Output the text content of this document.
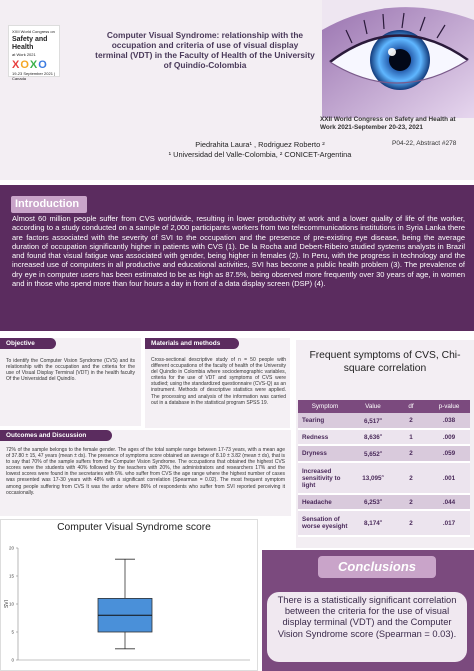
XXII World Congress on
Safety and Health
at Work 2021
XOXO
19-23 September 2021 | Canada
Computer Visual Syndrome: relationship with the occupation and criteria of use of visual display terminal (VDT) in the Faculty of Health of the University of Quindío-Colombia
XXII World Congress on Safety and Health at Work 2021-September 20-23, 2021
Piedrahita Laura¹ , Rodriguez Roberto ²
¹ Universidad del Valle-Colombia, ² CONICET-Argentina
P04-22, Abstract #278
Introduction
Almost 60 million people suffer from CVS worldwide, resulting in lower productivity at work and a lower quality of life of the worker, according to a study conducted on a sample of 2,000 participants workers from two telecommunications institutions in Syria Lanka there are factors associated with the severity of SVI to the occupation and the presence of pre-existing eye disease, being the average duration of occupation significantly higher in patients with CVS (1). De la Rocha and Debert-Ribeiro studied systems analysts in Brazil and found that visual fatigue was associated with gender, being higher in females (2). In Peru, with the progress in technology and the increased use of computers in all productive and educational activities, SVI has become a public health problem (3). The prevalence of dry eye in computer users has been estimated to be as high as 87.5%, being observed more frequently over 30 years of age, in women and in those who spend more than four hours a day in front of a data display screen (DSP) (4).
Objective
To identify the Computer Vision Syndrome (CVS) and its relationship with the occupation and the criteria for the use of Visual Display Terminal (VDT) in the health faculty Of the Universidad del Quindío.
Materials and methods
Cross-sectional descriptive study of n = 50 people with different occupations of the faculty of health of the University del Quindio in Colombia where sociodemographic variables, criteria for the use of VDT and symptoms of CVS were studied; using the standardized questionnaire (CVS-Q) as an instrument. Methods of descriptive statistics were applied. The processing and analysis of the information was carried out in a database in the statistical program SPSS 19.
Outcomes and Discussion
72% of the sample belongs to the female gender. The ages of the total sample range between 17-73 years, with a mean age of 37.80 ± 15, 47 years (mean ± ds). The presence of symptoms score obtained an average of 8.10 ± 3.82 (mean ± ds), that is to say that 70% of the sample suffers from the Computer Vision Syndrome. The occupations that obtained the highest CVS scores were the students with 40% followed by the teachers with 20%, the administrators and researchers 17% and the lowest scores were found in the secretaries with 6%. who suffer from CVS the age range where the highest number of cases was presented was 17-30 years with 48% with a significant correlation (Spearman = 0.02). The most frequent symptom among people suffering from CVS It was the ardor where 86% of respondents who suffer from SVI reported perceiving it occasionally.
Frequent symptoms of CVS, Chi-square correlation
Symptom	Value	df	p-value
Tearing	6,517$^a$	2	.038
Redness	8,636$^a$	1	.009
Dryness	5,652$^a$	2	.059
Increased sensitivity to light	13,095$^a$	2	.001
Headache	6,253$^a$	2	.044
Sensation of worse eyesight	8,174$^a$	2	.017
Computer Visual Syndrome score
0
5
10
15
20
SVI
Conclusions
There is a statistically significant correlation between the criteria for the use of visual display terminal (VDT) and the Computer Vision Syndrome score (Spearman = 0.03).
